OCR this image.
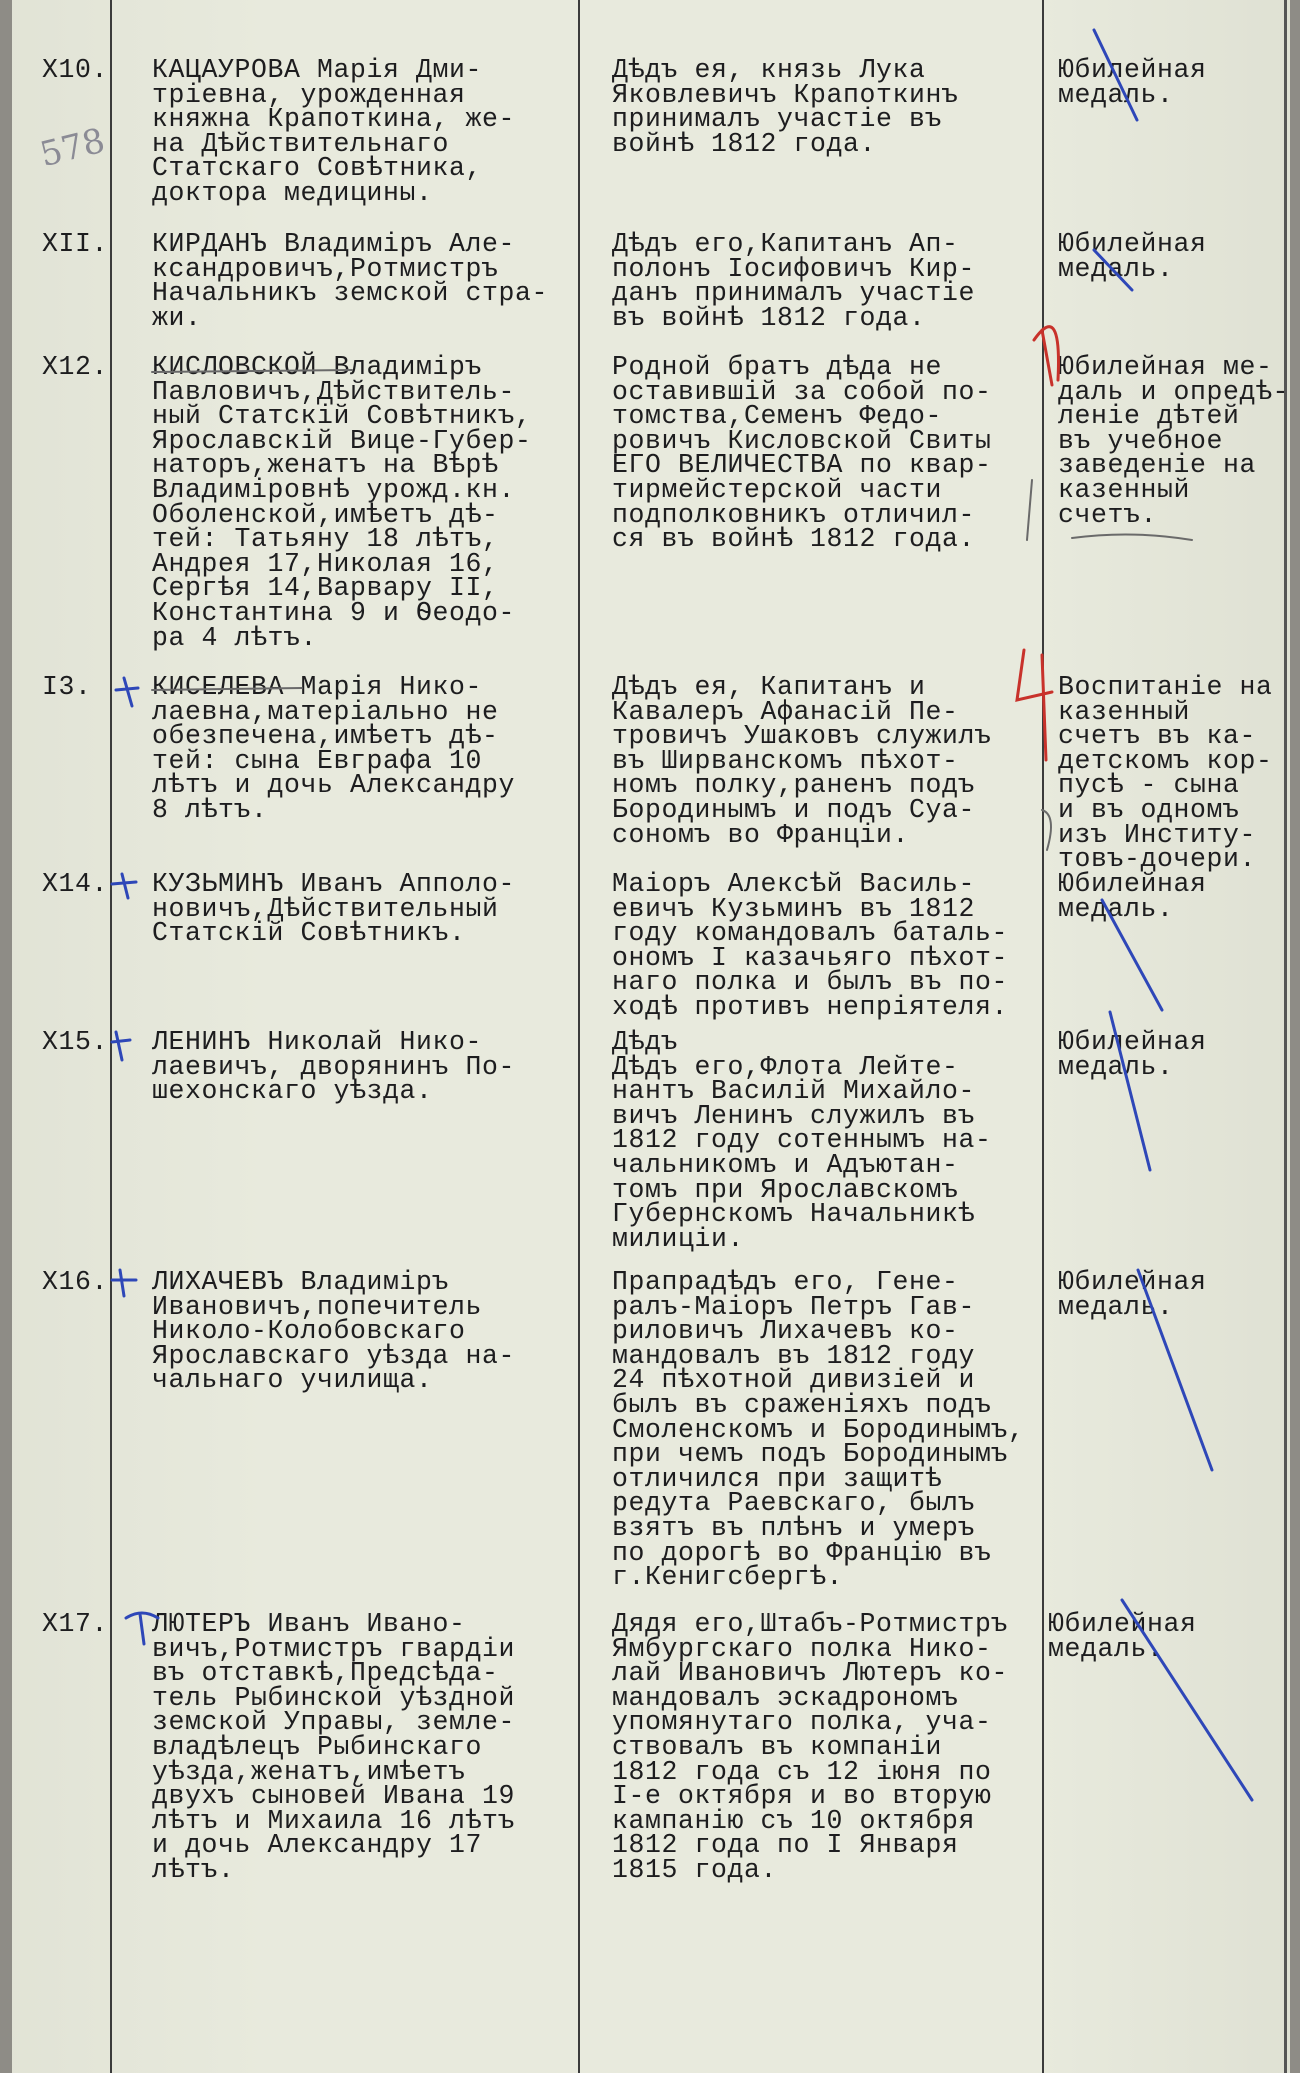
578
Х10. КАЦАУРОВА Марiя Дми-
трiевна, урожденная
княжна Крапоткина, же-
на Дѣйствительнаго
Статскаго Совѣтника,
доктора медицины.
Дѣдъ ея, князь Лука
Яковлевичъ Крапоткинъ
принималъ участiе въ
войнѣ 1812 года.
Юбилейная
медаль.
ХII. КИРДАНЪ Владимiръ Але-
ксандровичъ,Ротмистръ
Начальникъ земской стра-
жи.
Дѣдъ его,Капитанъ Ап-
полонъ Iосифовичъ Кир-
данъ принималъ участiе
въ войнѣ 1812 года.
Юбилейная
медаль.
Х12. КИСЛОВСКОЙ Владимiръ
Павловичъ,Дѣйствитель-
ный Статскiй Совѣтникъ,
Ярославскiй Вице-Губер-
наторъ,женатъ на Вѣрѣ
Владимiровнѣ урожд.кн.
Оболенской,имѣетъ дѣ-
тей: Татьяну 18 лѣтъ,
Андрея 17,Николая 16,
Сергѣя 14,Варвару II,
Константина 9 и Ѳеодо-
ра 4 лѣтъ.
Родной братъ дѣда не
оставившiй за собой по-
томства,Семенъ Федо-
ровичъ Кисловской Свиты
ЕГО ВЕЛИЧЕСТВА по квар-
тирмейстерской части
подполковникъ отличил-
ся въ войнѣ 1812 года.
Юбилейная ме-
даль и опредѣ-
ленiе дѣтей
въ учебное
заведенiе на
казенный
счетъ.
I3. КИСЕЛЕВА Марiя Нико-
лаевна,матерiально не
обезпечена,имѣетъ дѣ-
тей: сына Евграфа 10
лѣтъ и дочь Александру
8 лѣтъ.
Дѣдъ ея, Капитанъ и
Кавалеръ Афанасiй Пе-
тровичъ Ушаковъ служилъ
въ Ширванскомъ пѣхот-
номъ полку,раненъ подъ
Бородинымъ и подъ Суа-
сономъ во Францiи.
Воспитанiе на
казенный
счетъ въ ка-
детскомъ кор-
пусѣ - сына
и въ одномъ
изъ Институ-
товъ-дочери.
Х14. КУЗЬМИНЪ Иванъ Апполо-
новичъ,Дѣйствительный
Статскiй Совѣтникъ.
Маiоръ Алексѣй Василь-
евичъ Кузьминъ въ 1812
году командовалъ баталь-
ономъ I казачьяго пѣхот-
наго полка и былъ въ по-
ходѣ противъ непрiятеля.
Юбилейная
медаль.
Х15. ЛЕНИНЪ Николай Нико-
лаевичъ, дворянинъ По-
шехонскаго уѣзда.
Дѣдъ
Дѣдъ его,Флота Лейте-
нантъ Василiй Михайло-
вичъ Ленинъ служилъ въ
1812 году сотеннымъ на-
чальникомъ и Адъютан-
томъ при Ярославскомъ
Губернскомъ Начальникѣ
милицiи.
Юбилейная
медаль.
Х16. ЛИХАЧЕВЪ Владимiръ
Ивановичъ,попечитель
Николо-Колобовскаго
Ярославскаго уѣзда на-
чальнаго училища.
Прапрадѣдъ его, Гене-
ралъ-Маiоръ Петръ Гав-
риловичъ Лихачевъ ко-
мандовалъ въ 1812 году
24 пѣхотной дивизiей и
былъ въ сраженiяхъ подъ
Смоленскомъ и Бородинымъ,
при чемъ подъ Бородинымъ
отличился при защитѣ
редута Раевскаго, былъ
взятъ въ плѣнъ и умеръ
по дорогѣ во Францiю въ
г.Кенигсбергѣ.
Юбилейная
медаль.
Х17. ЛЮТЕРЪ Иванъ Ивано-
вичъ,Ротмистръ гвардiи
въ отставкѣ,Предсѣда-
тель Рыбинской уѣздной
земской Управы, земле-
владѣлецъ Рыбинскаго
уѣзда,женатъ,имѣетъ
двухъ сыновей Ивана 19
лѣтъ и Михаила 16 лѣтъ
и дочь Александру 17
лѣтъ.
Дядя его,Штабъ-Ротмистръ
Ямбургскаго полка Нико-
лай Ивановичъ Лютеръ ко-
мандовалъ эскадрономъ
упомянутаго полка, уча-
ствовалъ въ компанiи
1812 года съ 12 iюня по
I-е октября и во вторую
кампанiю съ 10 октября
1812 года по I Января
1815 года.
Юбилейная
медаль.
